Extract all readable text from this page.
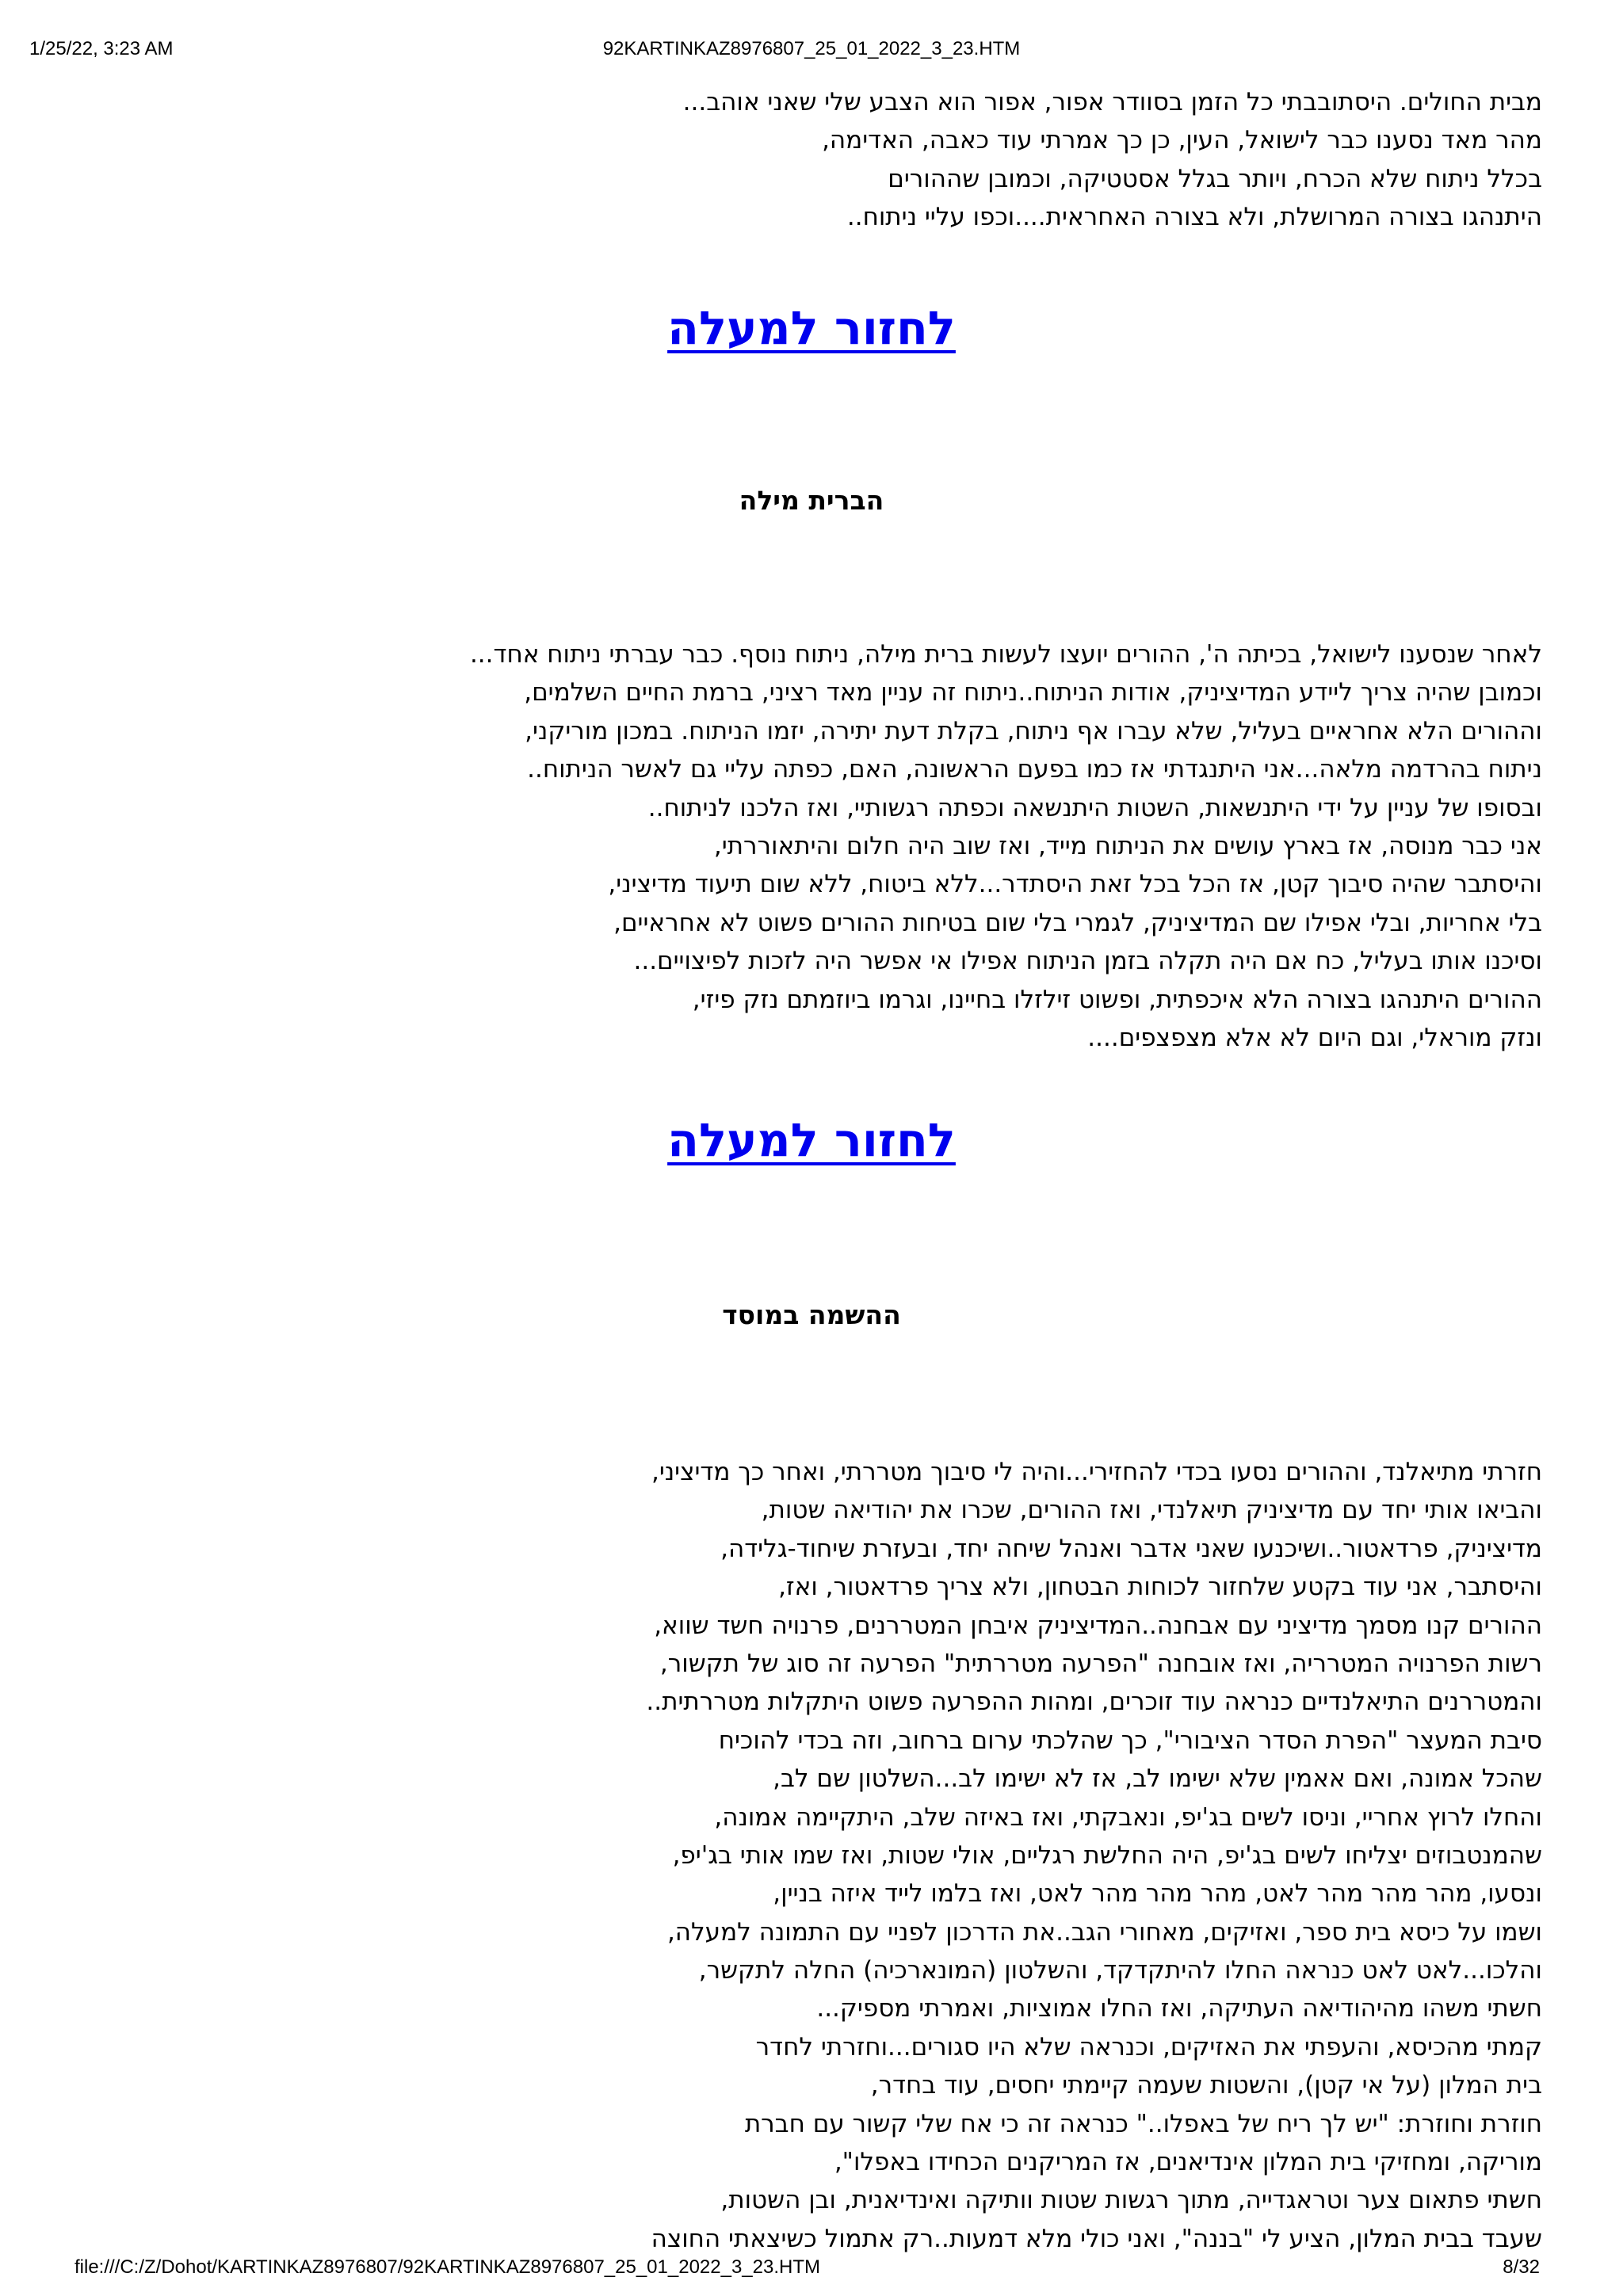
1/25/22, 3:23 AM	92KARTINKAZ8976807_25_01_2022_3_23.HTM
מבית החולים. היסתובבתי כל הזמן בסוודר אפור, אפור הוא הצבע שלי שאני אוהב...
מהר מאד נסענו כבר לישואל, העין, כן כך אמרתי עוד כאבה, האדימה,
בכלל ניתוח שלא הכרח, ויותר בגלל אסטטיקה, וכמובן שההורים
היתנהגו בצורה המרושלת, ולא בצורה האחראית....וכפו עליי ניתוח..
לחזור למעלה
הברית מילה
לאחר שנסענו לישואל, בכיתה ה', ההורים יועצו לעשות ברית מילה, ניתוח נוסף. כבר עברתי ניתוח אחד...
וכמובן שהיה צריך ליידע המדיציניק, אודות הניתוח..ניתוח זה עניין מאד רציני, ברמת החיים השלמים,
וההורים הלא אחראיים בעליל, שלא עברו אף ניתוח, בקלת דעת יתירה, יזמו הניתוח. במכון מוריקני,
ניתוח בהרדמה מלאה...אני היתנגדתי אז כמו בפעם הראשונה, האם, כפתה עליי גם לאשר הניתוח..
ובסופו של עניין על ידי היתנשאות, השטות היתנשאה וכפתה רגשותיי, ואז הלכנו לניתוח..
אני כבר מנוסה, אז בארץ עושים את הניתוח מייד, ואז שוב היה חלום והיתאוררתי,
והיסתבר שהיה סיבוך קטן, אז הכל בכל זאת היסתדר...ללא ביטוח, ללא שום תיעוד מדיציני,
בלי אחריות, ובלי אפילו שם המדיציניק, לגמרי בלי שום בטיחות ההורים פשוט לא אחראיים,
וסיכנו אותו בעליל, כח אם היה תקלה בזמן הניתוח אפילו אי אפשר היה לזכות לפיצויים...
ההורים היתנהגו בצורה הלא איכפתית, ופשוט זילזלו בחיינו, וגרמו ביוזמתם נזק פיזי,
ונזק מוראלי, וגם היום לא אלא מצפצפים....
לחזור למעלה
ההשמה במוסד
חזרתי מתיאלנד, וההורים נסעו בכדי להחזירי...והיה לי סיבוך מטררתי, ואחר כך מדיציני,
והביאו אותי יחד עם מדיציניק תיאלנדי, ואז ההורים, שכרו את יהודיאה שטות,
מדיציניק, פרדאטור..ושיכנעו שאני אדבר ואנהל שיחה יחד, ובעזרת שיחוד-גלידה,
והיסתבר, אני עוד בקטע שלחזור לכוחות הבטחון, ולא צריך פרדאטור, ואז,
ההורים קנו מסמך מדיציני עם אבחנה..המדיציניק איבחן המטררנים, פרנויה חשד שווא,
רשות הפרנויה המטרריה, ואז אובחנה "הפרעה מטררתית" הפרעה זה סוג של תקשור,
והמטררנים התיאלנדיים כנראה עוד זוכרים, ומהות ההפרעה פשוט היתקלות מטררתית..
סיבת המעצר "הפרת הסדר הציבורי", כך שהלכתי ערום ברחוב, וזה בכדי להוכיח
שהכל אמונה, ואם אאמין שלא ישימו לב, אז לא ישימו לב...השלטון שם לב,
והחלו לרוץ אחריי, וניסו לשים בג'יפ, ונאבקתי, ואז באיזה שלב, היתקיימה אמונה,
שהמנטבוזים יצליחו לשים בג'יפ, היה החלשת רגליים, אולי שטות, ואז שמו אותי בג'יפ,
ונסעו, מהר מהר מהר לאט, מהר מהר מהר לאט, ואז בלמו לייד איזה בניין,
ושמו על כיסא בית ספר, ואזיקים, מאחורי הגב..את הדרכון לפניי עם התמונה למעלה,
והלכו...לאט לאט כנראה החלו להיתקדקד, והשלטון (המונארכיה) החלה לתקשר,
חשתי משהו מהיהודיאה העתיקה, ואז החלו אמוציות, ואמרתי מספיק...
קמתי מהכיסא, והעפתי את האזיקים, וכנראה שלא היו סגורים...וחזרתי לחדר
בית המלון (על אי קטן), והשטות שעמה קיימתי יחסים, עוד בחדר,
חוזרת וחוזרת: "יש לך ריח של באפלו.." כנראה זה כי אח שלי קשור עם חברת
מוריקה, ומחזיקי בית המלון אינדיאנים, אז המריקנים הכחידו באפלו",
חשתי פתאום צער וטראגדייה, מתוך רגשות שטות וותיקה ואינדיאנית, ובן השטות,
שעבד בבית המלון, הציע לי "בננה", ואני כולי מלא דמעות..רק אתמול כשיצאתי החוצה
file:///C:/Z/Dohot/KARTINKAZ8976807/92KARTINKAZ8976807_25_01_2022_3_23.HTM	8/32
